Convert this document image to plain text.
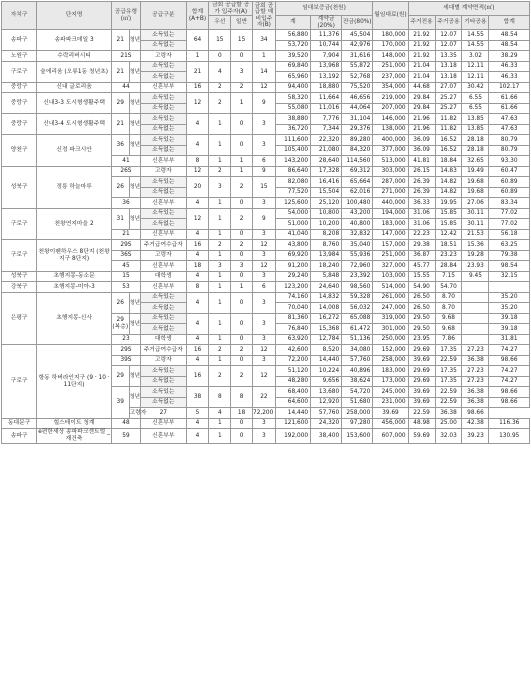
자치구	단지명	공급유형(㎡)		공급구분	합계(A+B)	금회 공급할 공가 입주자(A)		금회 공급할 예비입주자(B)	임대보증금(천원)			월임대료(원)	세대별 계약면적(㎡)			
						우선	일반		계	계약금(20%)	잔금(80%)		주거전용	주거공용	기타공용	합계
송파구	송파파크데일 3	21	청년	소득있는	64	15	15	34	56,880	11,376	45,504	180,000	21.92	12.07	14.55	48.54
				소득없는					53,720	10,744	42,976	170,000	21.92	12.07	14.55	48.54
노원구	수락리버시티	21S		고령자	1	0	0	1	39,520	7,904	31,616	148,000	21.92	13.35	3.02	38.29
구로구	숲에리움 (오류1동 청년초)	21	청년	소득있는	21	4	3	14	69,840	13,968	55,872	251,000	21.04	13.18	12.11	46.33
				소득없는					65,960	13,192	52,768	237,000	21.04	13.18	12.11	46.33
중랑구	신내 글로리움	44		신혼부부	16	2	2	12	94,400	18,880	75,520	354,000	44.68	27.07	30.42	102.17
중랑구	신내3-3 도시형생활주택	29	청년	소득있는	12	2	1	9	58,320	11,664	46,656	219,000	29.84	25.27	6.55	61.66
				소득없는					55,080	11,016	44,064	207,000	29.84	25.27	6.55	61.66
중랑구	신내3-4 도시형생활주택	21	청년	소득있는	4	1	0	3	38,880	7,776	31,104	146,000	21.96	11.82	13.85	47.63
				소득없는					36,720	7,344	29,376	138,000	21.96	11.82	13.85	47.63
양천구	신정 파크시안	36	청년	소득있는	4	1	0	3	111,600	22,320	89,280	400,000	36.09	16.52	28.18	80.79
				소득없는					105,400	21,080	84,320	377,000	36.09	16.52	28.18	80.79
		41		신혼부부	8	1	1	6	143,200	28,640	114,560	513,000	41.81	18.84	32.65	93.30
성북구	정릉 하늘마루	26S		고령자	12	2	1	9	86,640	17,328	69,312	303,000	26.15	14.83	19.49	60.47
		26	청년	소득있는	20	3	2	15	82,080	16,416	65,664	287,000	26.39	14.82	19.68	60.89
				소득없는					77,520	15,504	62,016	271,000	26.39	14.82	19.68	60.89
		36		신혼부부	4	1	0	3	125,600	25,120	100,480	440,000	36.33	19.95	27.06	83.34
구로구	천왕연지마을 2	31	청년	소득있는	12	1	2	9	54,000	10,800	43,200	194,000	31.06	15.85	30.11	77.02
				소득없는					51,000	10,200	40,800	183,000	31.06	15.85	30.11	77.02
		21		신혼부부	4	1	0	3	41,040	8,208	32,832	147,000	22.23	12.42	21.53	56.18
구로구	천왕이펜하우스 8단지 (천왕지구 8단지)	29S		주거급여수급자	16	2	2	12	43,800	8,760	35,040	157,000	29.38	18.51	15.36	63.25
		36S		고령자	4	1	0	3	69,920	13,984	55,936	251,000	36.87	23.23	19.28	79.38
		45		신혼부부	18	3	3	12	91,200	18,240	72,960	327,000	45.77	28.84	23.93	98.54
성북구	초행지몽-동소문	15		대학생	4	1	0	3	29,240	5,848	23,392	103,000	15.55	7.15	9.45	32.15
강북구	초행지몽-미아-3	53		신혼부부	8	1	1	6	123,200	24,640	98,560	514,000	54.90	54.70		
은평구	초행지몽-신사	26	청년	소득있는	4	1	0	3	74,160	14,832	59,328	261,000	26.50	8.70		35.20
				소득없는					70,040	14,008	56,032	247,000	26.50	8.70		35.20
		29 (복층)	청년	소득있는	4	1	0	3	81,360	16,272	65,088	319,000	29.50	9.68		39.18
				소득없는					76,840	15,368	61,472	301,000	29.50	9.68		39.18
		23		대학생	4	1	0	3	63,920	12,784	51,136	250,000	23.95	7.86		31.81
구로구	항동 하버라인지구 (9 · 10 · 11단지)	29S		주거급여수급자	16	2	2	12	42,600	8,520	34,080	152,000	29.69	17.35	27.23	74.27
		39S		고령자	4	1	0	3	72,200	14,440	57,760	258,000	39.69	22.59	36.38	98.66
		29	청년	소득있는	16	2	2	12	51,120	10,224	40,896	183,000	29.69	17.35	27.23	74.27
				소득없는					48,280	9,656	38,624	173,000	29.69	17.35	27.23	74.27
		39	청년	소득있는	38	8	8	22	68,400	13,680	54,720	245,000	39.69	22.59	36.38	98.66
				소득없는					64,600	12,920	51,680	231,000	39.69	22.59	36.38	98.66
			고령자	27	5	4	18	72,200	14,440	57,760	258,000	39.69	22.59	36.38	98.66	
동대문구	힐스테이트 청계	48		신혼부부	4	1	0	3	121,600	24,320	97,280	456,000	48.98	25.00	42.38	116.36
송파구	e편한세상 송파파크센트럴 _재건축	59		신혼부부	4	1	0	3	192,000	38,400	153,600	607,000	59.69	32.03	39.23	130.95
